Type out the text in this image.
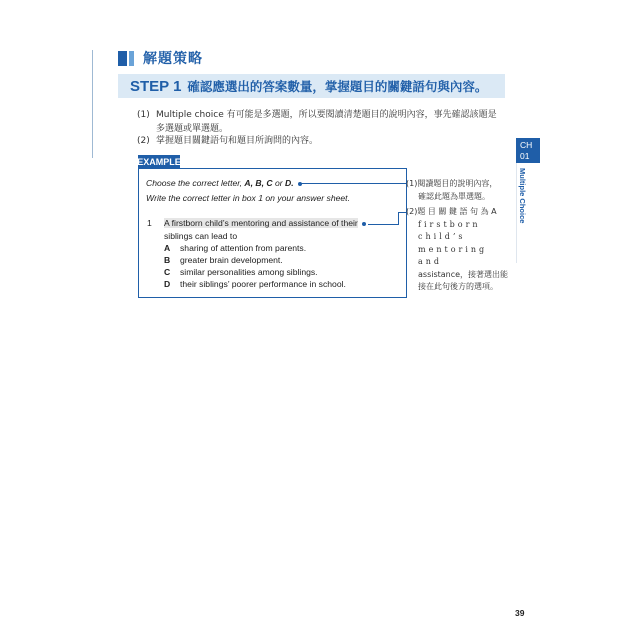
解題策略
STEP 1 確認應選出的答案數量，掌握題目的關鍵語句與內容。
(1) Multiple choice 有可能是多選題，所以要閱讀清楚題目的說明內容，事先確認該題是多選題或單選題。
(2) 掌握題目關鍵語句和題目所詢問的內容。
EXAMPLE
Choose the correct letter, A, B, C or D.
Write the correct letter in box 1 on your answer sheet.
1 A firstborn child’s mentoring and assistance of their
siblings can lead to
A sharing of attention from parents.
B greater brain development.
C similar personalities among siblings.
D their siblings’ poorer performance in school.
(1)閱讀題目的說明內容，
確認此題為單選題。
(2)題 目 關 鍵 語 句 為 A
firstborn child’s
mentoring and
assistance，接著選出能
接在此句後方的選項。
CH
01
Multiple Choice
39
